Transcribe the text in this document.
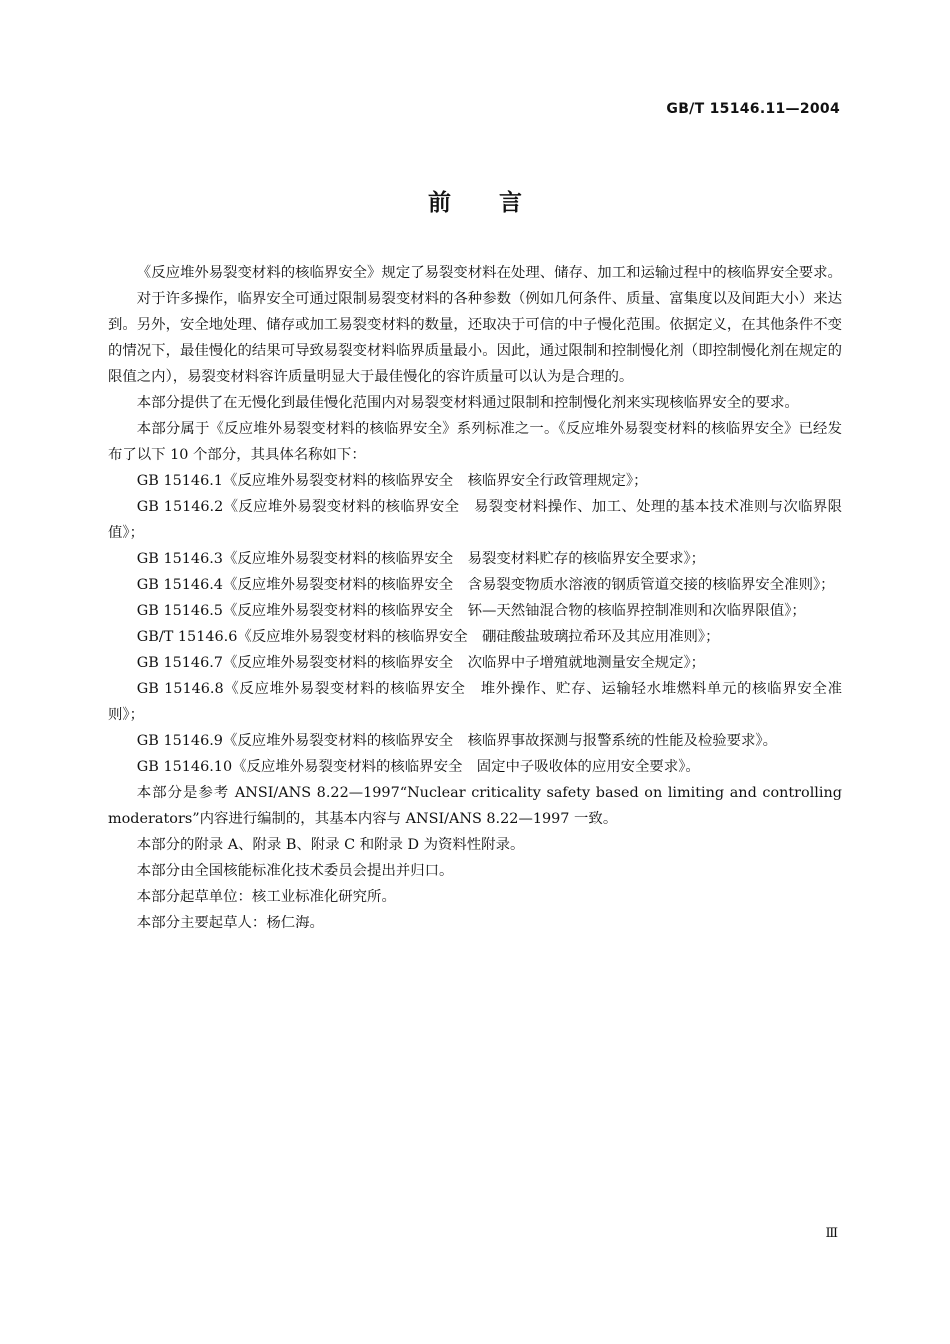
GB/T 15146.11—2004
前言

《反应堆外易裂变材料的核临界安全》规定了易裂变材料在处理、储存、加工和运输过程中的核临界安全要求。

对于许多操作，临界安全可通过限制易裂变材料的各种参数（例如几何条件、质量、富集度以及间距大小）来达到。另外，安全地处理、储存或加工易裂变材料的数量，还取决于可信的中子慢化范围。依据定义，在其他条件不变的情况下，最佳慢化的结果可导致易裂变材料临界质量最小。因此，通过限制和控制慢化剂（即控制慢化剂在规定的限值之内），易裂变材料容许质量明显大于最佳慢化的容许质量可以认为是合理的。

本部分提供了在无慢化到最佳慢化范围内对易裂变材料通过限制和控制慢化剂来实现核临界安全的要求。

本部分属于《反应堆外易裂变材料的核临界安全》系列标准之一。《反应堆外易裂变材料的核临界安全》已经发布了以下 10 个部分，其具体名称如下：

GB 15146.1《反应堆外易裂变材料的核临界安全　核临界安全行政管理规定》；

GB 15146.2《反应堆外易裂变材料的核临界安全　易裂变材料操作、加工、处理的基本技术准则与次临界限值》；

GB 15146.3《反应堆外易裂变材料的核临界安全　易裂变材料贮存的核临界安全要求》；

GB 15146.4《反应堆外易裂变材料的核临界安全　含易裂变物质水溶液的钢质管道交接的核临界安全准则》；

GB 15146.5《反应堆外易裂变材料的核临界安全　钚—天然铀混合物的核临界控制准则和次临界限值》；

GB/T 15146.6《反应堆外易裂变材料的核临界安全　硼硅酸盐玻璃拉希环及其应用准则》；

GB 15146.7《反应堆外易裂变材料的核临界安全　次临界中子增殖就地测量安全规定》；

GB 15146.8《反应堆外易裂变材料的核临界安全　堆外操作、贮存、运输轻水堆燃料单元的核临界安全准则》；

GB 15146.9《反应堆外易裂变材料的核临界安全　核临界事故探测与报警系统的性能及检验要求》。

GB 15146.10《反应堆外易裂变材料的核临界安全　固定中子吸收体的应用安全要求》。

本部分是参考 ANSI/ANS 8.22—1997“Nuclear criticality safety based on limiting and controlling moderators”内容进行编制的，其基本内容与 ANSI/ANS 8.22—1997 一致。

本部分的附录 A、附录 B、附录 C 和附录 D 为资料性附录。

本部分由全国核能标准化技术委员会提出并归口。

本部分起草单位：核工业标准化研究所。

本部分主要起草人：杨仁海。

Ⅲ
